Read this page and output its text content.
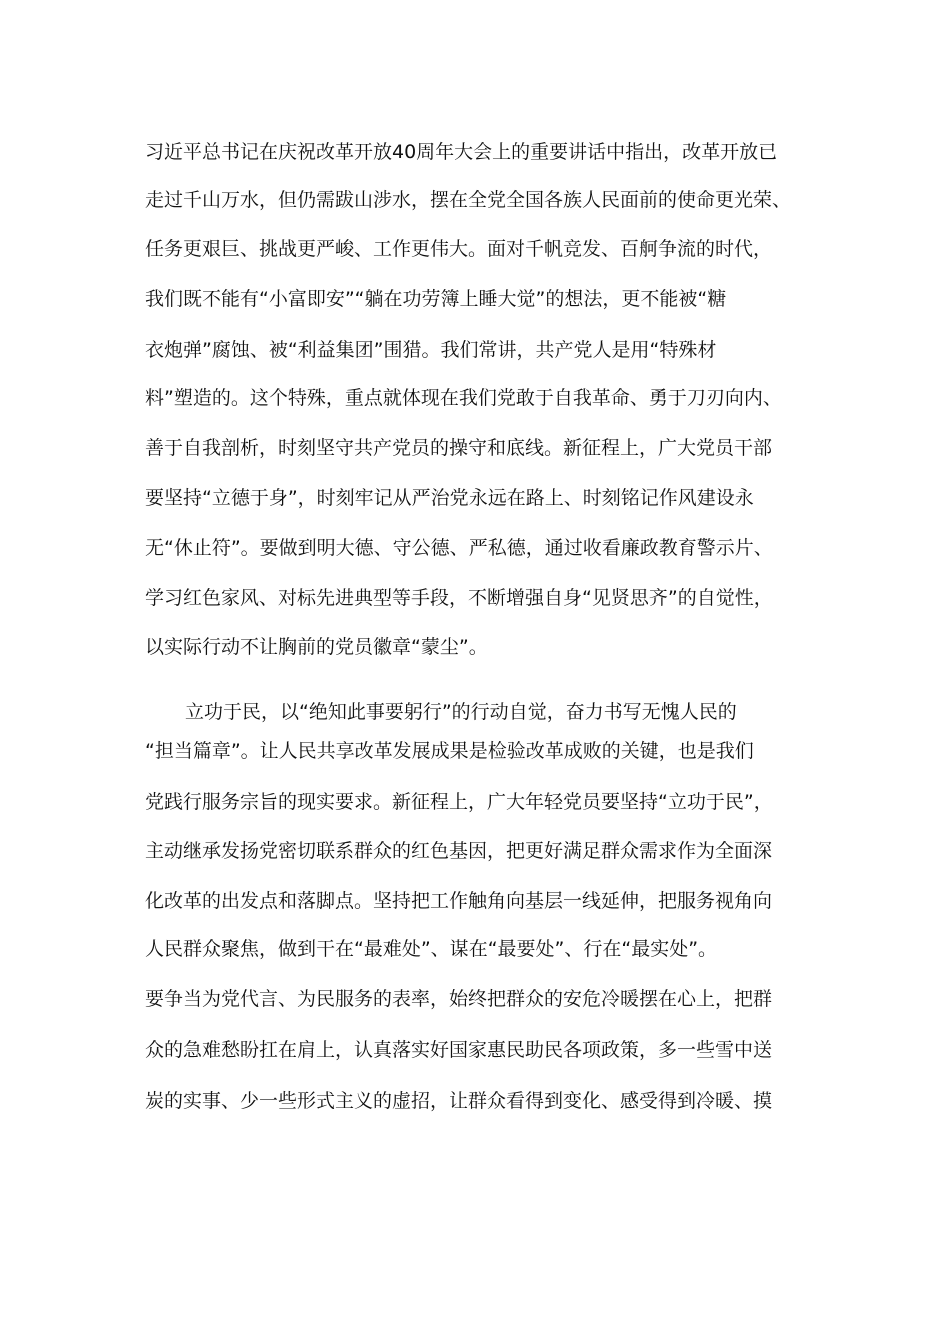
习近平总书记在庆祝改革开放40周年大会上的重要讲话中指出，改革开放已
走过千山万水，但仍需跋山涉水，摆在全党全国各族人民面前的使命更光荣、
任务更艰巨、挑战更严峻、工作更伟大。面对千帆竞发、百舸争流的时代，
我们既不能有“小富即安”“躺在功劳簿上睡大觉”的想法，更不能被“糖
衣炮弹”腐蚀、被“利益集团”围猎。我们常讲，共产党人是用“特殊材
料”塑造的。这个特殊，重点就体现在我们党敢于自我革命、勇于刀刃向内、
善于自我剖析，时刻坚守共产党员的操守和底线。新征程上，广大党员干部
要坚持“立德于身”，时刻牢记从严治党永远在路上、时刻铭记作风建设永
无“休止符”。要做到明大德、守公德、严私德，通过收看廉政教育警示片、
学习红色家风、对标先进典型等手段，不断增强自身“见贤思齐”的自觉性，
以实际行动不让胸前的党员徽章“蒙尘”。
立功于民，以“绝知此事要躬行”的行动自觉，奋力书写无愧人民的
“担当篇章”。让人民共享改革发展成果是检验改革成败的关键，也是我们
党践行服务宗旨的现实要求。新征程上，广大年轻党员要坚持“立功于民”，
主动继承发扬党密切联系群众的红色基因，把更好满足群众需求作为全面深
化改革的出发点和落脚点。坚持把工作触角向基层一线延伸，把服务视角向
人民群众聚焦，做到干在“最难处”、谋在“最要处”、行在“最实处”。
要争当为党代言、为民服务的表率，始终把群众的安危冷暖摆在心上，把群
众的急难愁盼扛在肩上，认真落实好国家惠民助民各项政策，多一些雪中送
炭的实事、少一些形式主义的虚招，让群众看得到变化、感受得到冷暖、摸
